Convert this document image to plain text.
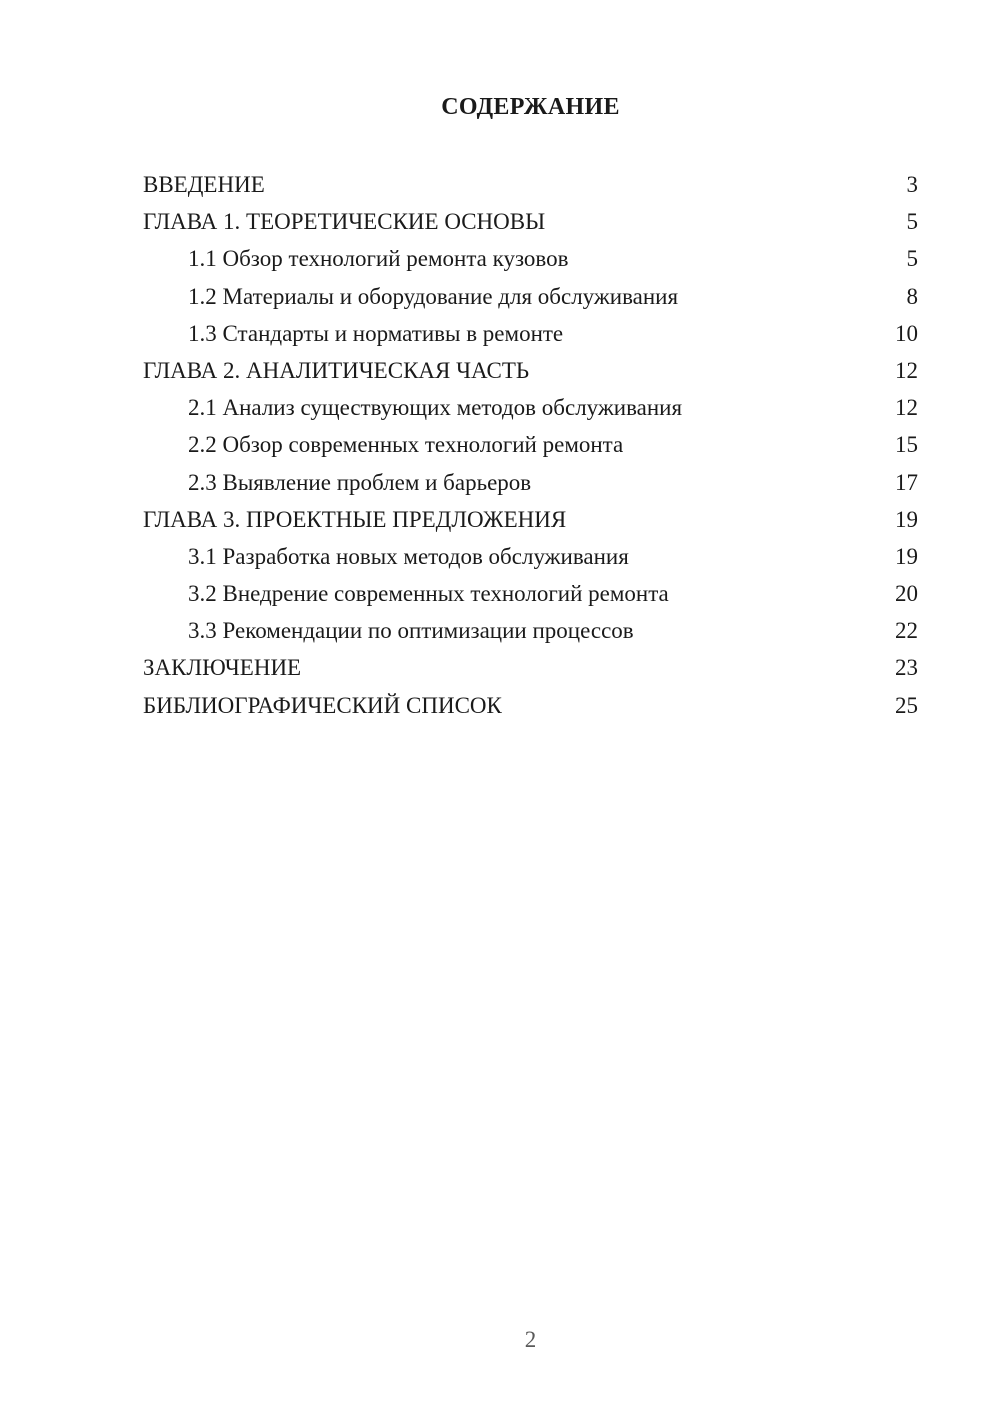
СОДЕРЖАНИЕ
ВВЕДЕНИЕ	3
ГЛАВА 1. ТЕОРЕТИЧЕСКИЕ ОСНОВЫ	5
1.1 Обзор технологий ремонта кузовов	5
1.2 Материалы и оборудование для обслуживания	8
1.3 Стандарты и нормативы в ремонте	10
ГЛАВА 2. АНАЛИТИЧЕСКАЯ ЧАСТЬ	12
2.1 Анализ существующих методов обслуживания	12
2.2 Обзор современных технологий ремонта	15
2.3 Выявление проблем и барьеров	17
ГЛАВА 3. ПРОЕКТНЫЕ ПРЕДЛОЖЕНИЯ	19
3.1 Разработка новых методов обслуживания	19
3.2 Внедрение современных технологий ремонта	20
3.3 Рекомендации по оптимизации процессов	22
ЗАКЛЮЧЕНИЕ	23
БИБЛИОГРАФИЧЕСКИЙ СПИСОК	25
2
